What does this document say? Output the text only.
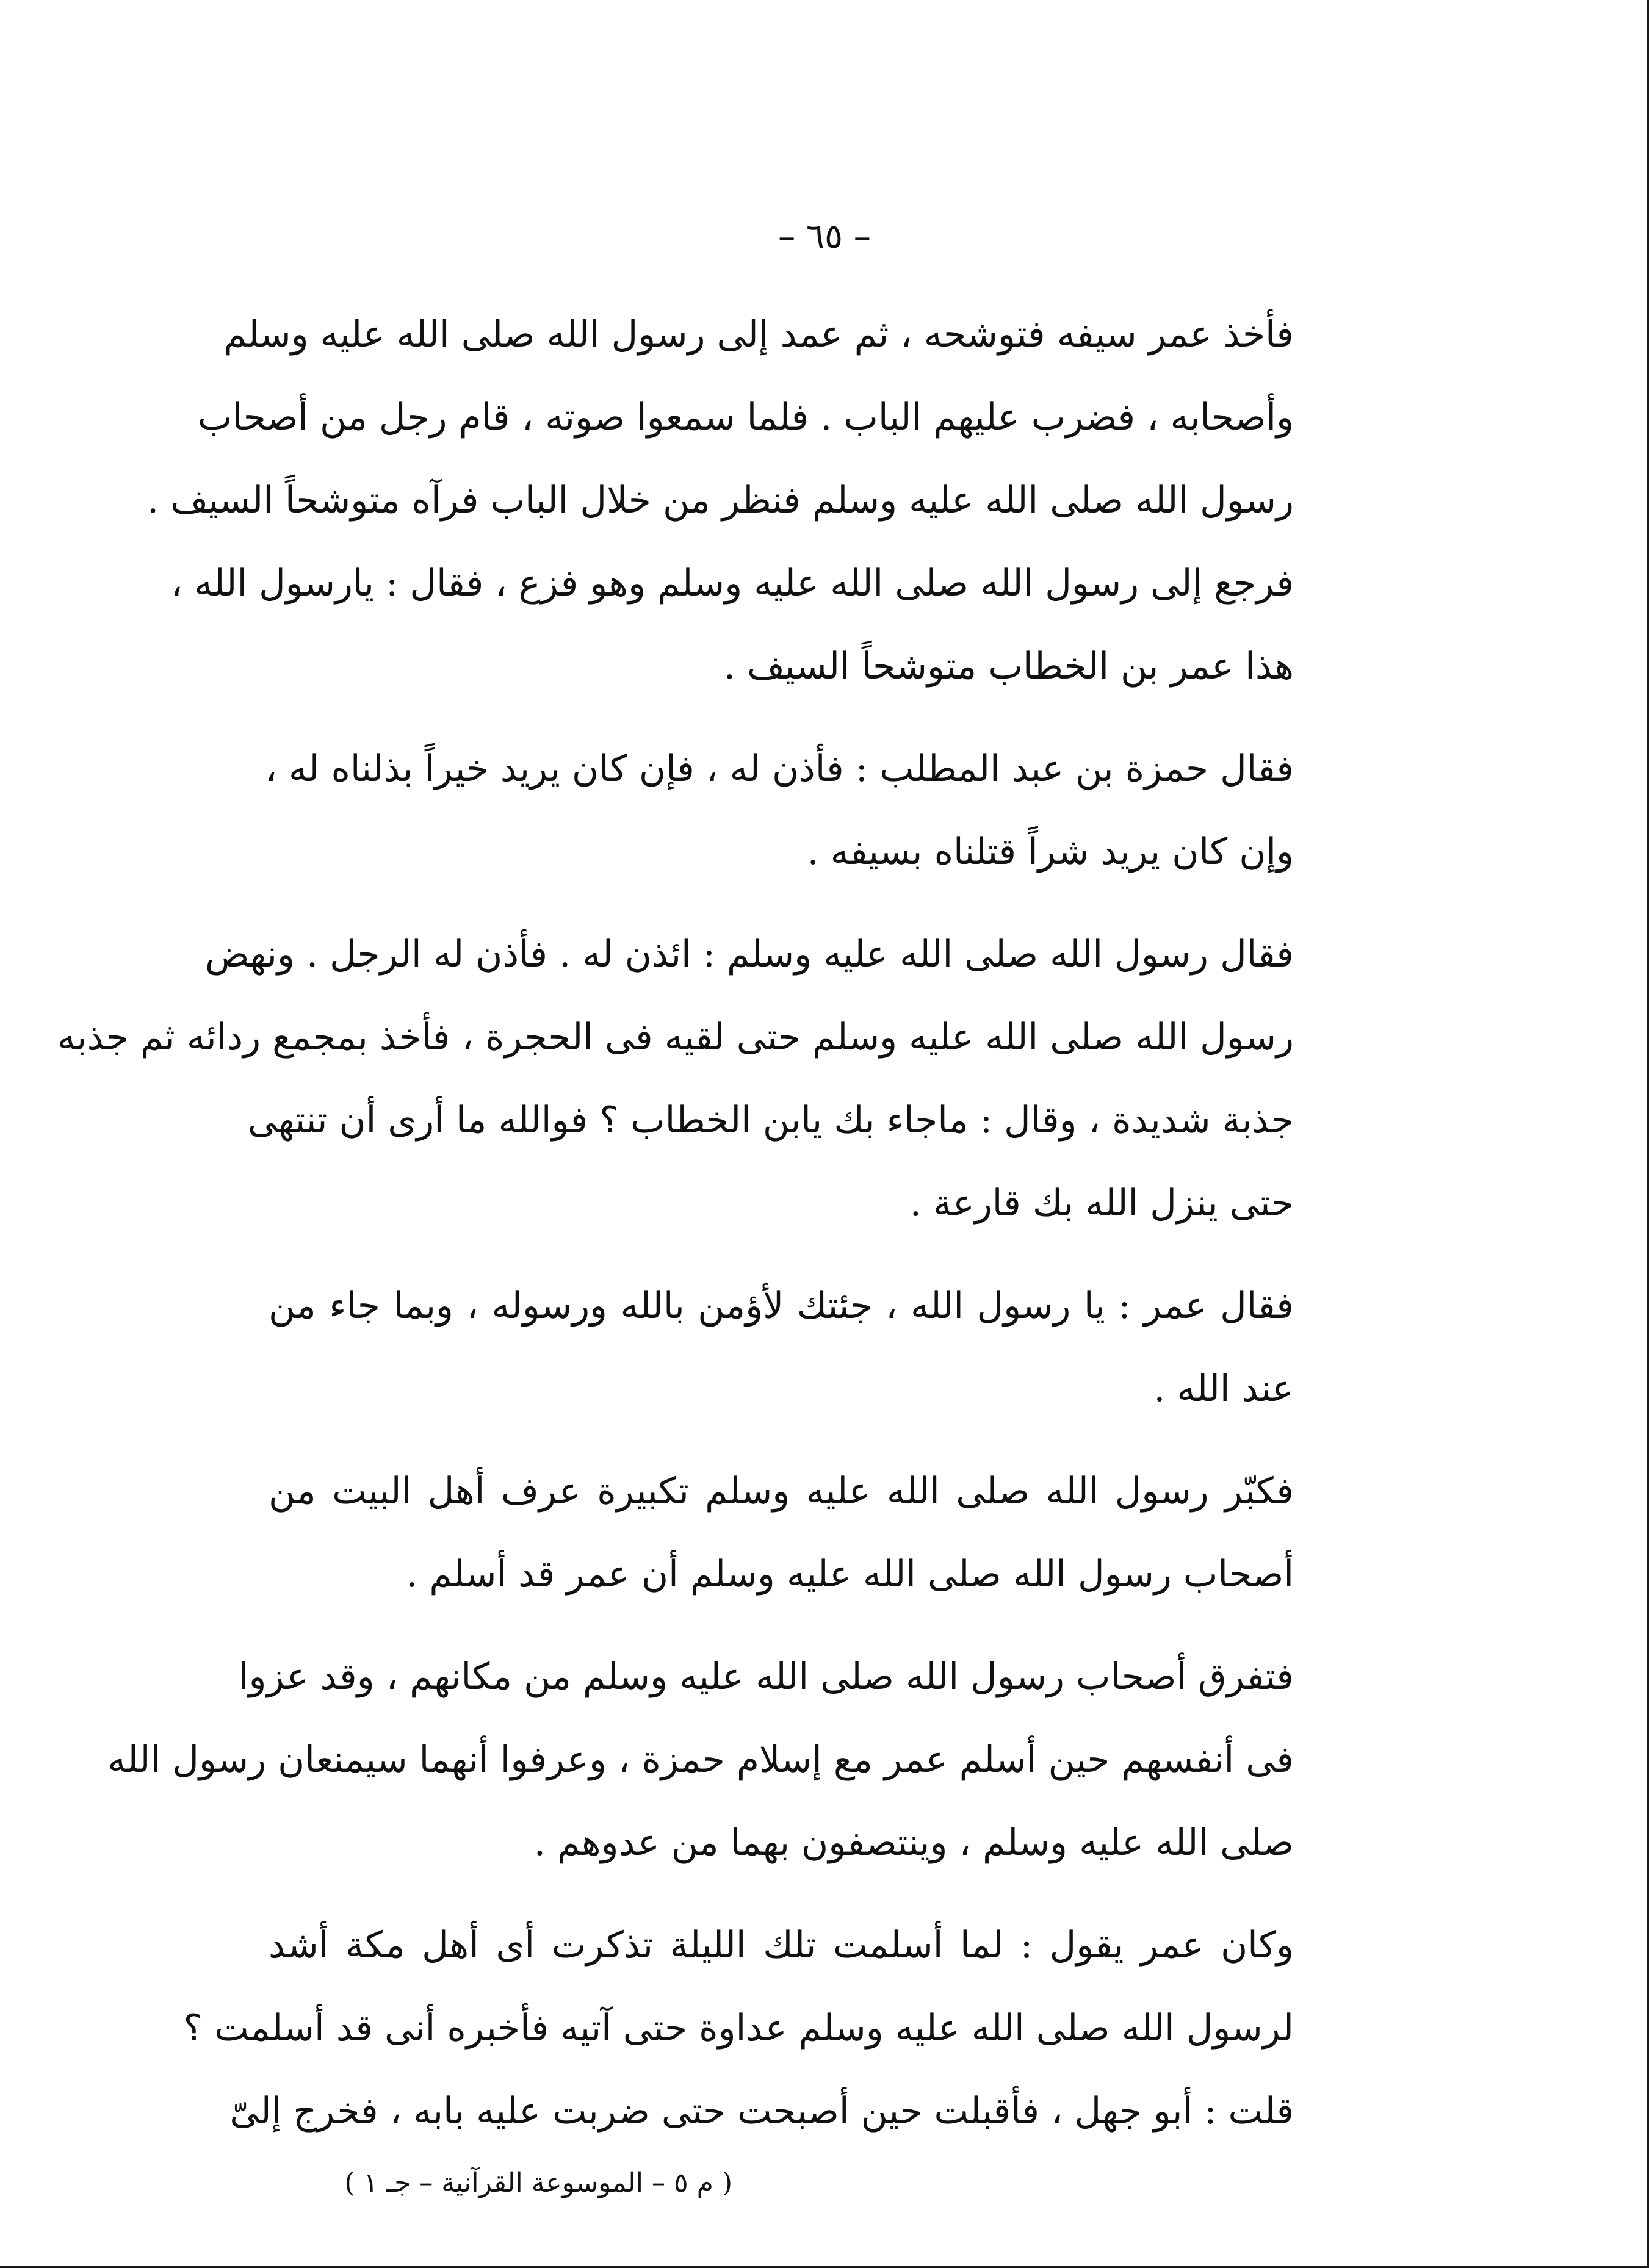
– ٦٥ –

فأخذ عمر سيفه فتوشحه ، ثم عمد إلى رسول الله صلى الله عليه وسلم
وأصحابه ، فضرب عليهم الباب . فلما سمعوا صوته ، قام رجل من أصحاب
رسول الله صلى الله عليه وسلم فنظر من خلال الباب فرآه متوشحاً السيف .
فرجع إلى رسول الله صلى الله عليه وسلم وهو فزع ، فقال : يارسول الله ،
هذا عمر بن الخطاب متوشحاً السيف .

فقال حمزة بن عبد المطلب : فأذن له ، فإن كان يريد خيراً بذلناه له ،
وإن كان يريد شراً قتلناه بسيفه .

فقال رسول الله صلى الله عليه وسلم : ائذن له . فأذن له الرجل . ونهض
رسول الله صلى الله عليه وسلم حتى لقيه فى الحجرة ، فأخذ بمجمع ردائه ثم جذبه
جذبة شديدة ، وقال : ماجاء بك يابن الخطاب ؟ فوالله ما أرى أن تنتهى
حتى ينزل الله بك قارعة .

فقال عمر : يا رسول الله ، جئتك لأؤمن بالله ورسوله ، وبما جاء من
عند الله .

فكبّر رسول الله صلى الله عليه وسلم تكبيرة عرف أهل البيت من
أصحاب رسول الله صلى الله عليه وسلم أن عمر قد أسلم .

فتفرق أصحاب رسول الله صلى الله عليه وسلم من مكانهم ، وقد عزوا
فى أنفسهم حين أسلم عمر مع إسلام حمزة ، وعرفوا أنهما سيمنعان رسول الله
صلى الله عليه وسلم ، وينتصفون بهما من عدوهم .

وكان عمر يقول : لما أسلمت تلك الليلة تذكرت أى أهل مكة أشد
لرسول الله صلى الله عليه وسلم عداوة حتى آتيه فأخبره أنى قد أسلمت ؟
قلت : أبو جهل ، فأقبلت حين أصبحت حتى ضربت عليه بابه ، فخرج إلىّ

( م ٥ – الموسوعة القرآنية – جـ ١ )
